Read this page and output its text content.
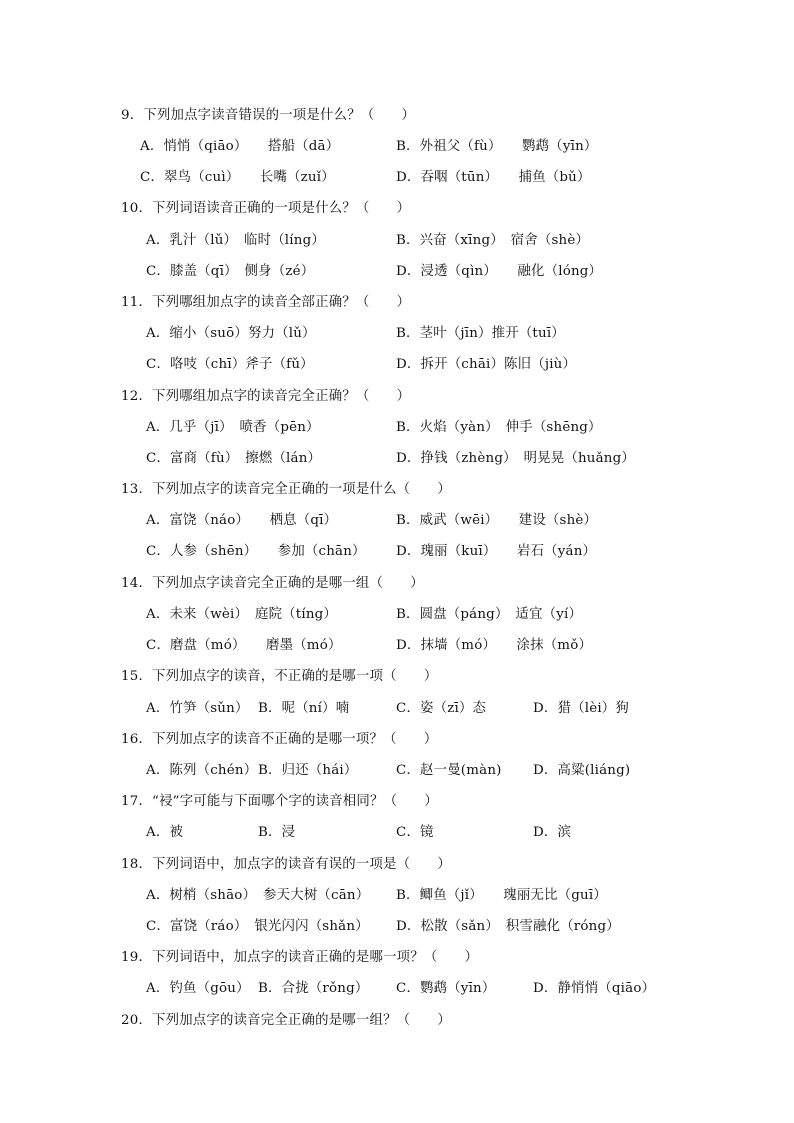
9．下列加点字读音错误的一项是什么？（　　）
A．悄悄（qiāo）　　搭船（dā）	B．外祖父（fù）　　鹦鹉（yīn）
C．翠鸟（cuì）　　长嘴（zuǐ）	D．吞咽（tūn）　　捕鱼（bǔ）
10．下列词语读音正确的一项是什么？（　　）
A．乳汁（lǔ）　临时（líng）	B．兴奋（xīng）　宿舍（shè）
C．膝盖（qī）　侧身（zé）	D．浸透（qìn）　　融化（lóng）
11．下列哪组加点字的读音全部正确？（　　）
A．缩小（suō）努力（lǔ）	B．茎叶（jīn）推开（tuī）
C．咯吱（chī）斧子（fǔ）	D．拆开（chāi）陈旧（jiù）
12．下列哪组加点字的读音完全正确？（　　）
A．几乎（jī）　喷香（pēn）	B．火焰（yàn）　伸手（shēng）
C．富商（fù）　擦燃（lán）	D．挣钱（zhèng）　明晃晃（huǎng）
13．下列加点字的读音完全正确的一项是什么（　　）
A．富饶（náo）　　栖息（qī）	B．威武（wēi）　　建设（shè）
C．人参（shēn）　　参加（chān） D．瑰丽（kuī）　　岩石（yán）
14．下列加点字读音完全正确的是哪一组（　　）
A．未来（wèi）　庭院（tíng）	B．圆盘（páng）　适宜（yí）
C．磨盘（mó）　　磨墨（mó）	D．抹墙（mó）　　涂抹（mǒ）
15．下列加点字的读音，不正确的是哪一项（　　）
A．竹笋（sǔn） B．呢（ní）喃	C．姿（zī）态	D．猎（lèi）狗
16．下列加点字的读音不正确的是哪一项？（　　）
A．陈列（chén） B．归还（hái）	C．赵一曼(màn) D．高粱(liáng)
17．“祲”字可能与下面哪个字的读音相同？（　　）
A．被	B．浸	C．镜	D．滨
18．下列词语中，加点字的读音有误的一项是（　　）
A．树梢（shāo）　参天大树（cān） B．鲫鱼（jǐ）　　瑰丽无比（guī）
C．富饶（ráo）　银光闪闪（shǎn） D．松散（sǎn）　积雪融化（róng）
19．下列词语中，加点字的读音正确的是哪一项？（　　）
A．钓鱼（gōu） B．合拢（rǒng） C．鹦鹉（yīn）	D．静悄悄（qiāo）
20．下列加点字的读音完全正确的是哪一组？（　　）
